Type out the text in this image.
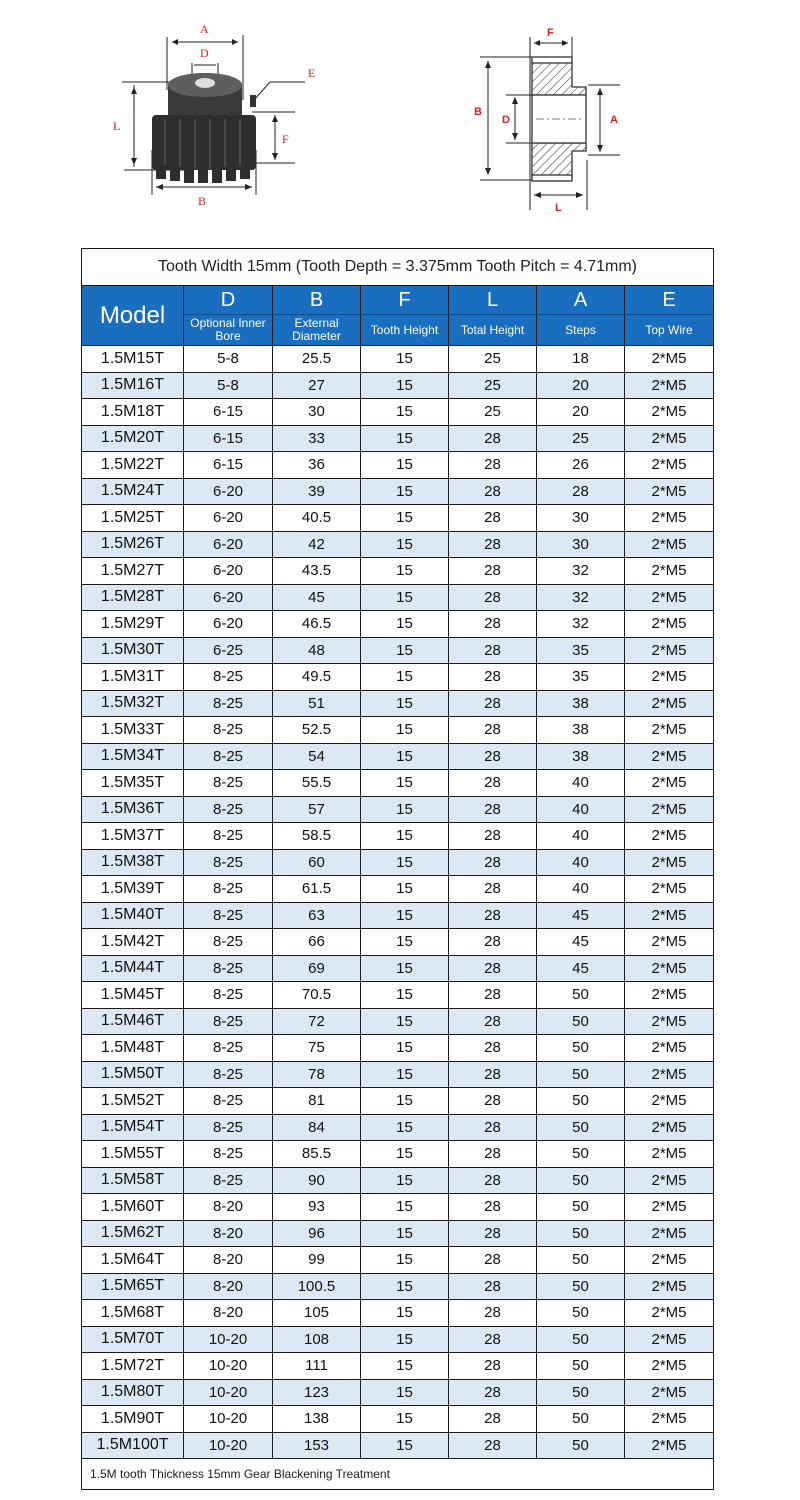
A
D
E
L
F
B
F
B
D	A
L
Tooth Width 15mm (Tooth Depth = 3.375mm Tooth Pitch = 4.71mm)						
Model	D	B	F	L	A	E
	Optional Inner Bore	External Diameter	Tooth Height	Total Height	Steps	Top Wire
1.5M15T	5-8	25.5	15	25	18	2*M5
1.5M16T	5-8	27	15	25	20	2*M5
1.5M18T	6-15	30	15	25	20	2*M5
1.5M20T	6-15	33	15	28	25	2*M5
1.5M22T	6-15	36	15	28	26	2*M5
1.5M24T	6-20	39	15	28	28	2*M5
1.5M25T	6-20	40.5	15	28	30	2*M5
1.5M26T	6-20	42	15	28	30	2*M5
1.5M27T	6-20	43.5	15	28	32	2*M5
1.5M28T	6-20	45	15	28	32	2*M5
1.5M29T	6-20	46.5	15	28	32	2*M5
1.5M30T	6-25	48	15	28	35	2*M5
1.5M31T	8-25	49.5	15	28	35	2*M5
1.5M32T	8-25	51	15	28	38	2*M5
1.5M33T	8-25	52.5	15	28	38	2*M5
1.5M34T	8-25	54	15	28	38	2*M5
1.5M35T	8-25	55.5	15	28	40	2*M5
1.5M36T	8-25	57	15	28	40	2*M5
1.5M37T	8-25	58.5	15	28	40	2*M5
1.5M38T	8-25	60	15	28	40	2*M5
1.5M39T	8-25	61.5	15	28	40	2*M5
1.5M40T	8-25	63	15	28	45	2*M5
1.5M42T	8-25	66	15	28	45	2*M5
1.5M44T	8-25	69	15	28	45	2*M5
1.5M45T	8-25	70.5	15	28	50	2*M5
1.5M46T	8-25	72	15	28	50	2*M5
1.5M48T	8-25	75	15	28	50	2*M5
1.5M50T	8-25	78	15	28	50	2*M5
1.5M52T	8-25	81	15	28	50	2*M5
1.5M54T	8-25	84	15	28	50	2*M5
1.5M55T	8-25	85.5	15	28	50	2*M5
1.5M58T	8-25	90	15	28	50	2*M5
1.5M60T	8-20	93	15	28	50	2*M5
1.5M62T	8-20	96	15	28	50	2*M5
1.5M64T	8-20	99	15	28	50	2*M5
1.5M65T	8-20	100.5	15	28	50	2*M5
1.5M68T	8-20	105	15	28	50	2*M5
1.5M70T	10-20	108	15	28	50	2*M5
1.5M72T	10-20	111	15	28	50	2*M5
1.5M80T	10-20	123	15	28	50	2*M5
1.5M90T	10-20	138	15	28	50	2*M5
1.5M100T	10-20	153	15	28	50	2*M5
1.5M tooth Thickness 15mm Gear Blackening Treatment						
